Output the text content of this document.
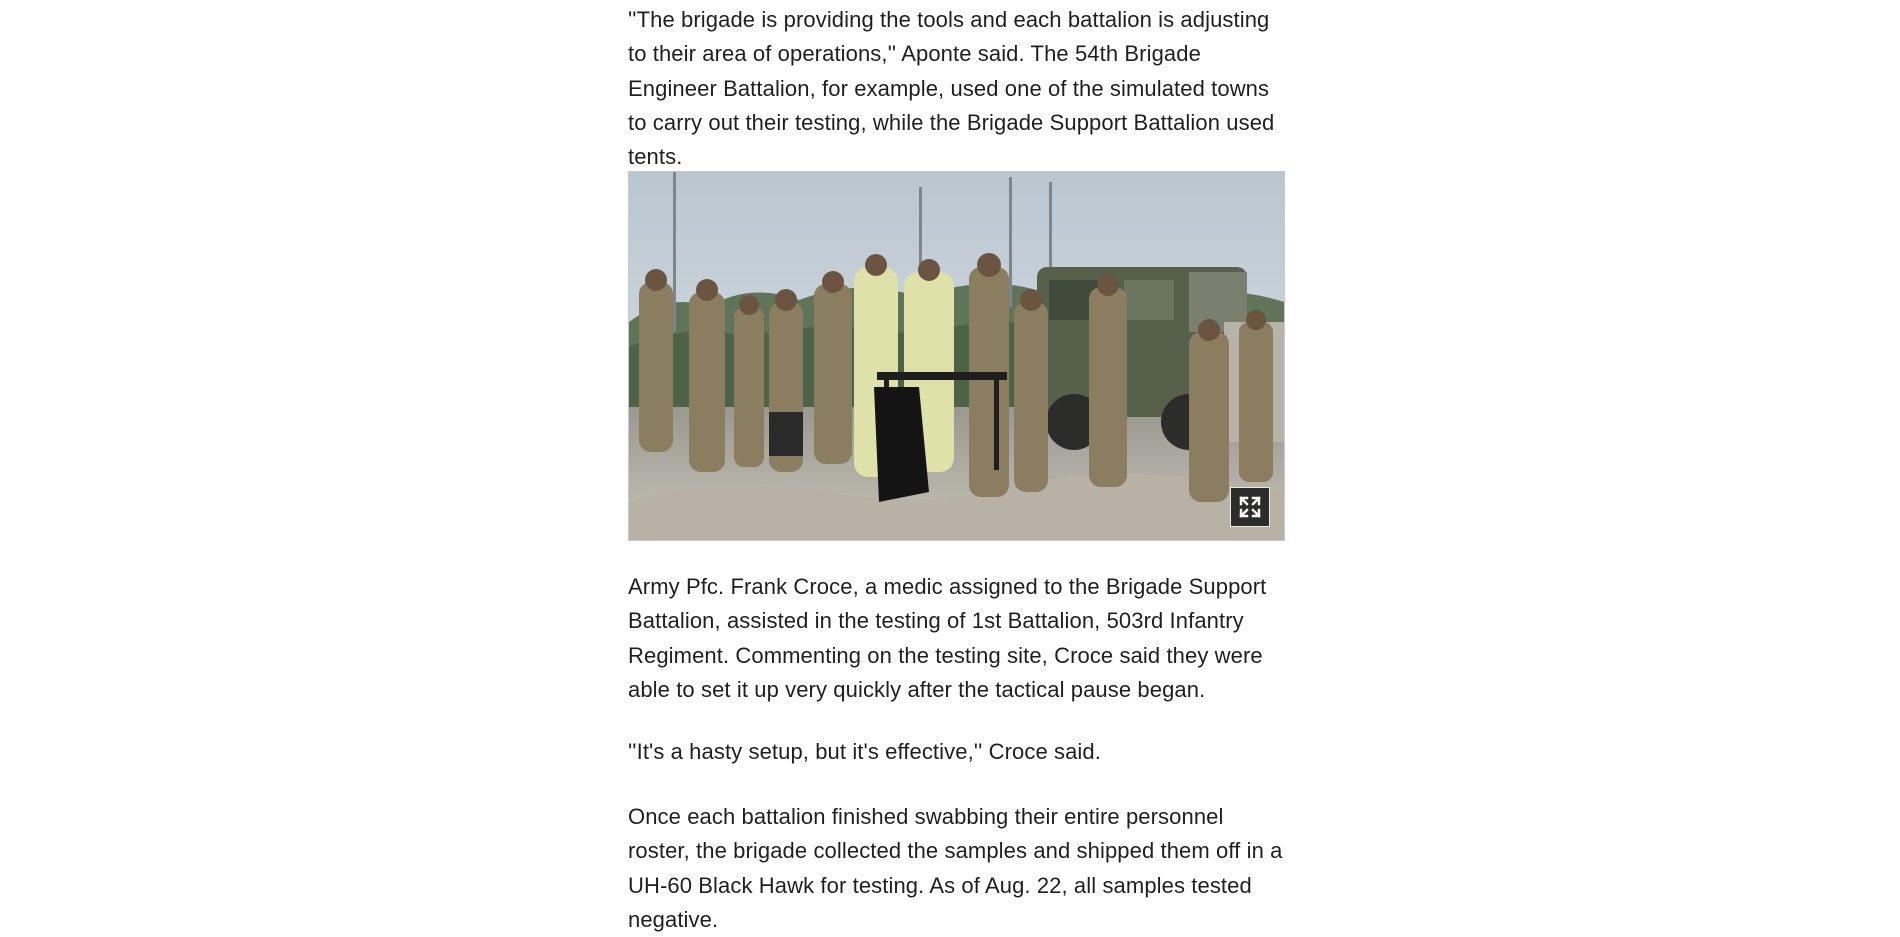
''The brigade is providing the tools and each battalion is adjusting to their area of operations,'' Aponte said. The 54th Brigade Engineer Battalion, for example, used one of the simulated towns to carry out their testing, while the Brigade Support Battalion used tents.

Army Pfc. Frank Croce, a medic assigned to the Brigade Support Battalion, assisted in the testing of 1st Battalion, 503rd Infantry Regiment. Commenting on the testing site, Croce said they were able to set it up very quickly after the tactical pause began.

''It's a hasty setup, but it's effective,'' Croce said.

Once each battalion finished swabbing their entire personnel roster, the brigade collected the samples and shipped them off in a UH-60 Black Hawk for testing. As of Aug. 22, all samples tested negative.
